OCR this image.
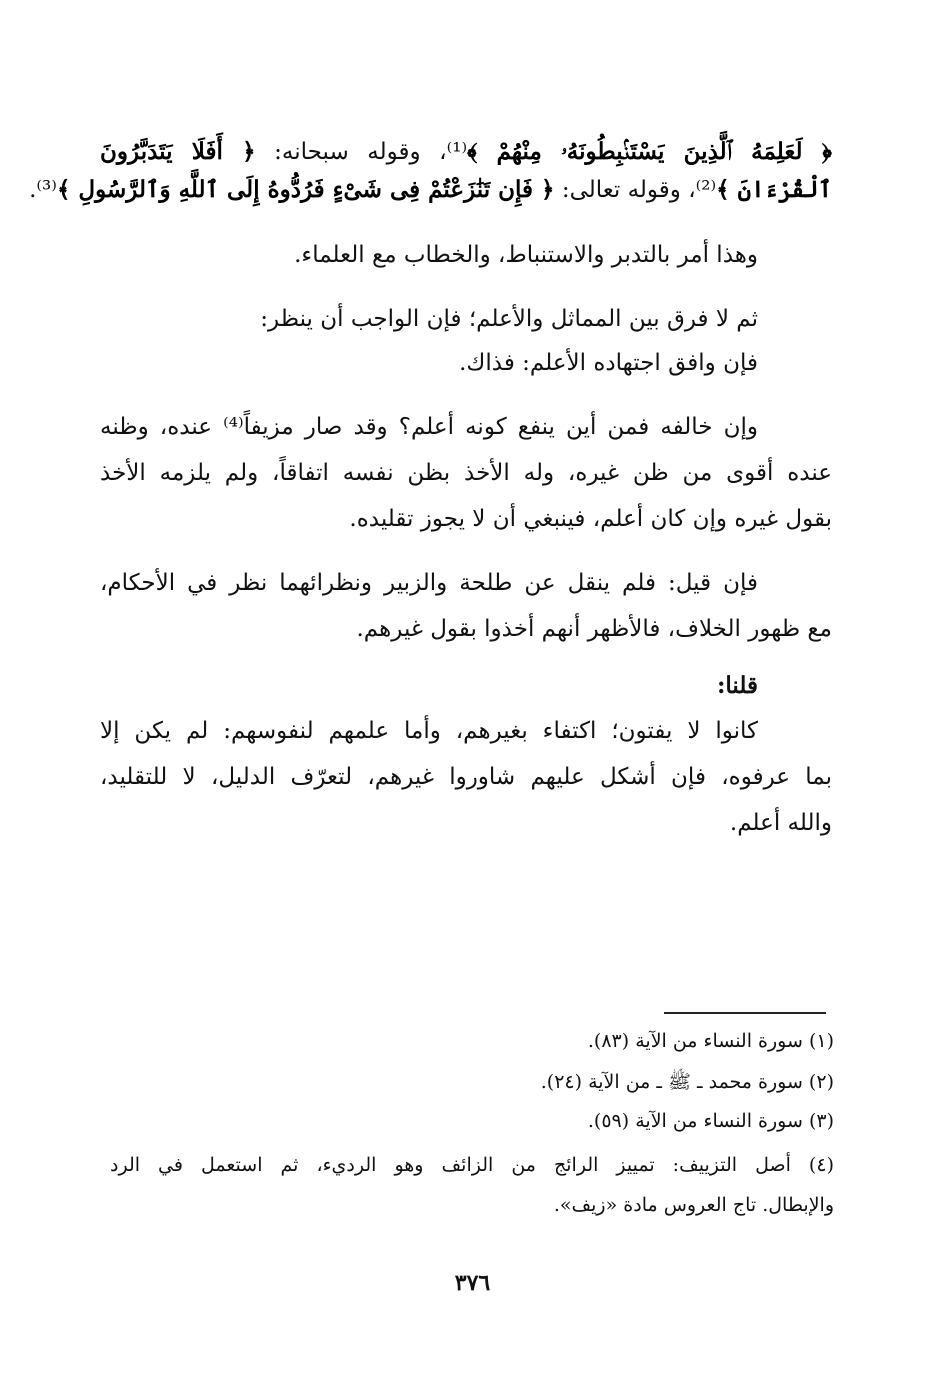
﴿ لَعَلِمَهُ ٱلَّذِينَ يَسْتَنۢبِطُونَهُۥ مِنْهُمْ ﴾⁽¹⁾، وقوله سبحانه: ﴿ أَفَلَا يَتَدَبَّرُونَ
ٱلْقُرْءَانَ ﴾⁽²⁾، وقوله تعالى: ﴿ فَإِن تَنَٰزَعْتُمْ فِى شَىْءٍ فَرُدُّوهُ إِلَى ٱللَّهِ وَٱلرَّسُولِ ﴾⁽³⁾.
وهذا أمر بالتدبر والاستنباط، والخطاب مع العلماء.
ثم لا فرق بين المماثل والأعلم؛ فإن الواجب أن ينظر:
فإن وافق اجتهاده الأعلم: فذاك.
وإن خالفه فمن أين ينفع كونه أعلم؟ وقد صار مزيفاً⁽⁴⁾ عنده، وظنه
عنده أقوى من ظن غيره، وله الأخذ بظن نفسه اتفاقاً، ولم يلزمه الأخذ
بقول غيره وإن كان أعلم، فينبغي أن لا يجوز تقليده.
فإن قيل: فلم ينقل عن طلحة والزبير ونظرائهما نظر في الأحكام،
مع ظهور الخلاف، فالأظهر أنهم أخذوا بقول غيرهم.
قلنا:
كانوا لا يفتون؛ اكتفاء بغيرهم، وأما علمهم لنفوسهم: لم يكن إلا
بما عرفوه، فإن أشكل عليهم شاوروا غيرهم، لتعرّف الدليل، لا للتقليد،
والله أعلم.
(١) سورة النساء من الآية (٨٣).
(٢) سورة محمد ـ ﷺ ـ من الآية (٢٤).
(٣) سورة النساء من الآية (٥٩).
(٤) أصل التزييف: تمييز الرائج من الزائف وهو الرديء، ثم استعمل في الرد
والإبطال. تاج العروس مادة «زيف».
٣٧٦
